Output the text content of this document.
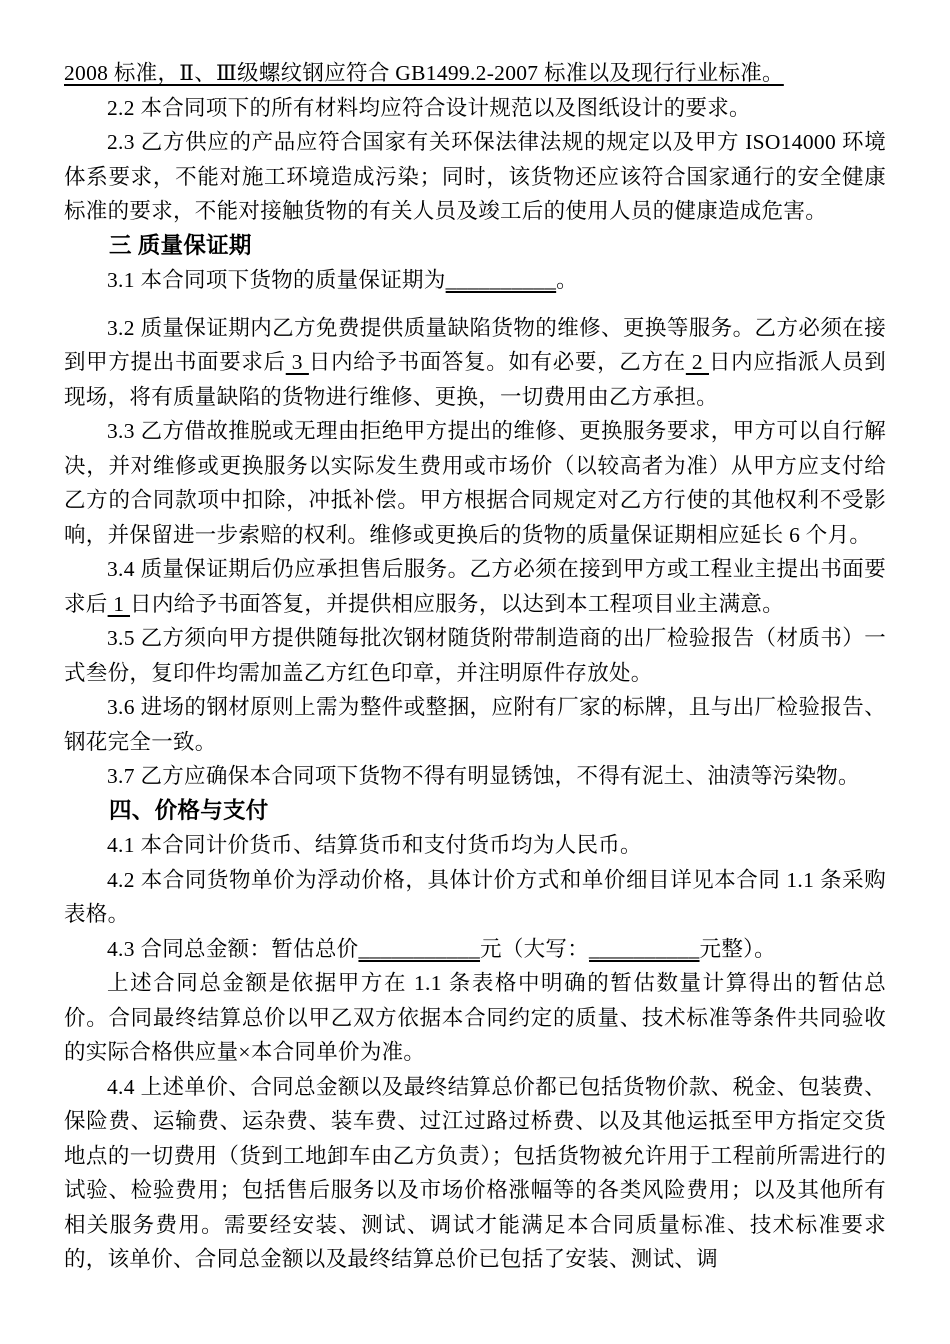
2008 标准，Ⅱ、Ⅲ级螺纹钢应符合 GB1499.2-2007 标准以及现行行业标准。

2.2 本合同项下的所有材料均应符合设计规范以及图纸设计的要求。

2.3 乙方供应的产品应符合国家有关环保法律法规的规定以及甲方 ISO14000 环境体系要求，不能对施工环境造成污染；同时，该货物还应该符合国家通行的安全健康标准的要求，不能对接触货物的有关人员及竣工后的使用人员的健康造成危害。

三 质量保证期

3.1 本合同项下货物的质量保证期为__________。

3.2 质量保证期内乙方免费提供质量缺陷货物的维修、更换等服务。乙方必须在接到甲方提出书面要求后 3 日内给予书面答复。如有必要，乙方在 2 日内应指派人员到现场，将有质量缺陷的货物进行维修、更换，一切费用由乙方承担。

3.3 乙方借故推脱或无理由拒绝甲方提出的维修、更换服务要求，甲方可以自行解决，并对维修或更换服务以实际发生费用或市场价（以较高者为准）从甲方应支付给乙方的合同款项中扣除，冲抵补偿。甲方根据合同规定对乙方行使的其他权利不受影响，并保留进一步索赔的权利。维修或更换后的货物的质量保证期相应延长 6 个月。

3.4 质量保证期后仍应承担售后服务。乙方必须在接到甲方或工程业主提出书面要求后 1 日内给予书面答复，并提供相应服务，以达到本工程项目业主满意。

3.5 乙方须向甲方提供随每批次钢材随货附带制造商的出厂检验报告（材质书）一式叁份，复印件均需加盖乙方红色印章，并注明原件存放处。

3.6 进场的钢材原则上需为整件或整捆，应附有厂家的标牌，且与出厂检验报告、钢花完全一致。

3.7 乙方应确保本合同项下货物不得有明显锈蚀，不得有泥土、油渍等污染物。

四、价格与支付

4.1 本合同计价货币、结算货币和支付货币均为人民币。

4.2 本合同货物单价为浮动价格，具体计价方式和单价细目详见本合同 1.1 条采购表格。

4.3 合同总金额：暂估总价___________元（大写：__________元整）。

上述合同总金额是依据甲方在 1.1 条表格中明确的暂估数量计算得出的暂估总价。合同最终结算总价以甲乙双方依据本合同约定的质量、技术标准等条件共同验收的实际合格供应量×本合同单价为准。

4.4 上述单价、合同总金额以及最终结算总价都已包括货物价款、税金、包装费、保险费、运输费、运杂费、装车费、过江过路过桥费、以及其他运抵至甲方指定交货地点的一切费用（货到工地卸车由乙方负责）；包括货物被允许用于工程前所需进行的试验、检验费用；包括售后服务以及市场价格涨幅等的各类风险费用；以及其他所有相关服务费用。需要经安装、测试、调试才能满足本合同质量标准、技术标准要求的，该单价、合同总金额以及最终结算总价已包括了安装、测试、调
